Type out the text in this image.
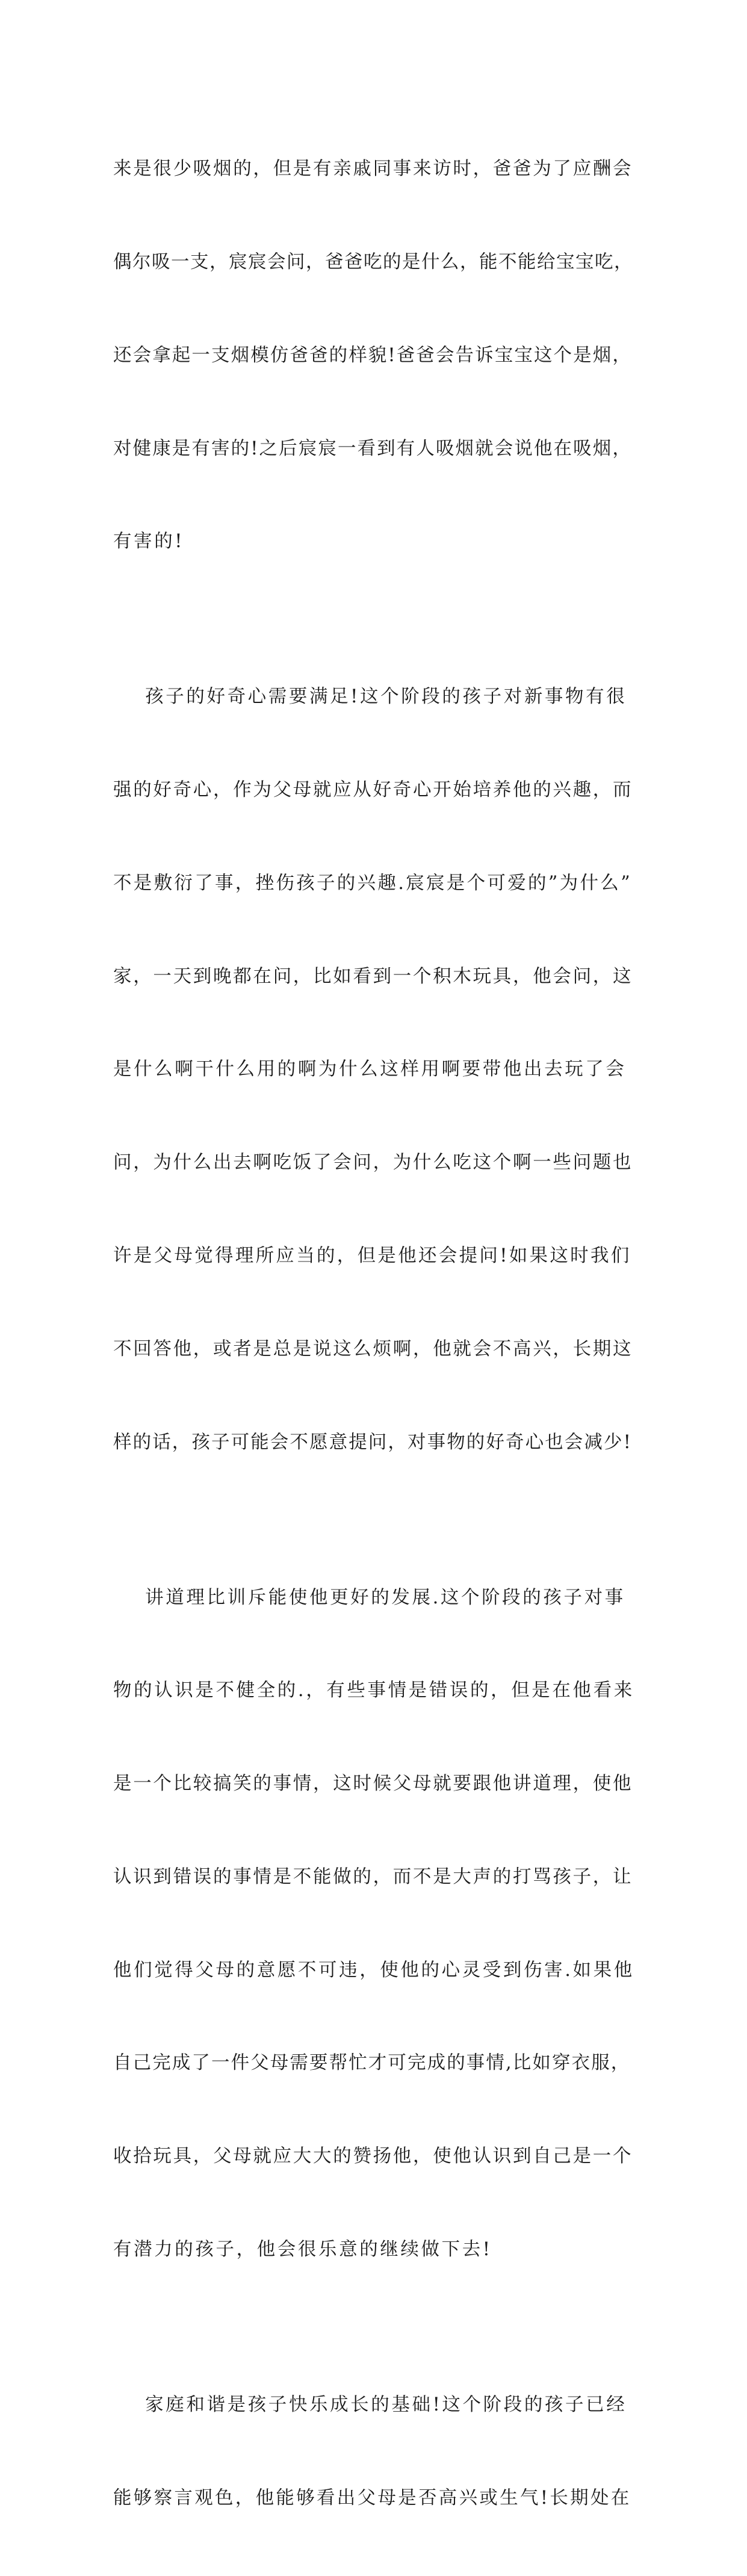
来是很少吸烟的，但是有亲戚同事来访时，爸爸为了应酬会

偶尔吸一支，宸宸会问，爸爸吃的是什么，能不能给宝宝吃，

还会拿起一支烟模仿爸爸的样貌!爸爸会告诉宝宝这个是烟，

对健康是有害的!之后宸宸一看到有人吸烟就会说他在吸烟，

有害的!

孩子的好奇心需要满足!这个阶段的孩子对新事物有很

强的好奇心，作为父母就应从好奇心开始培养他的兴趣，而

不是敷衍了事，挫伤孩子的兴趣.宸宸是个可爱的”为什么”

家，一天到晚都在问，比如看到一个积木玩具，他会问，这

是什么啊干什么用的啊为什么这样用啊要带他出去玩了会

问，为什么出去啊吃饭了会问，为什么吃这个啊一些问题也

许是父母觉得理所应当的，但是他还会提问!如果这时我们

不回答他，或者是总是说这么烦啊，他就会不高兴，长期这

样的话，孩子可能会不愿意提问，对事物的好奇心也会减少!

讲道理比训斥能使他更好的发展.这个阶段的孩子对事

物的认识是不健全的.，有些事情是错误的，但是在他看来

是一个比较搞笑的事情，这时候父母就要跟他讲道理，使他

认识到错误的事情是不能做的，而不是大声的打骂孩子，让

他们觉得父母的意愿不可违，使他的心灵受到伤害.如果他

自己完成了一件父母需要帮忙才可完成的事情,比如穿衣服，

收拾玩具，父母就应大大的赞扬他，使他认识到自己是一个

有潜力的孩子，他会很乐意的继续做下去!

家庭和谐是孩子快乐成长的基础!这个阶段的孩子已经

能够察言观色，他能够看出父母是否高兴或生气!长期处在
